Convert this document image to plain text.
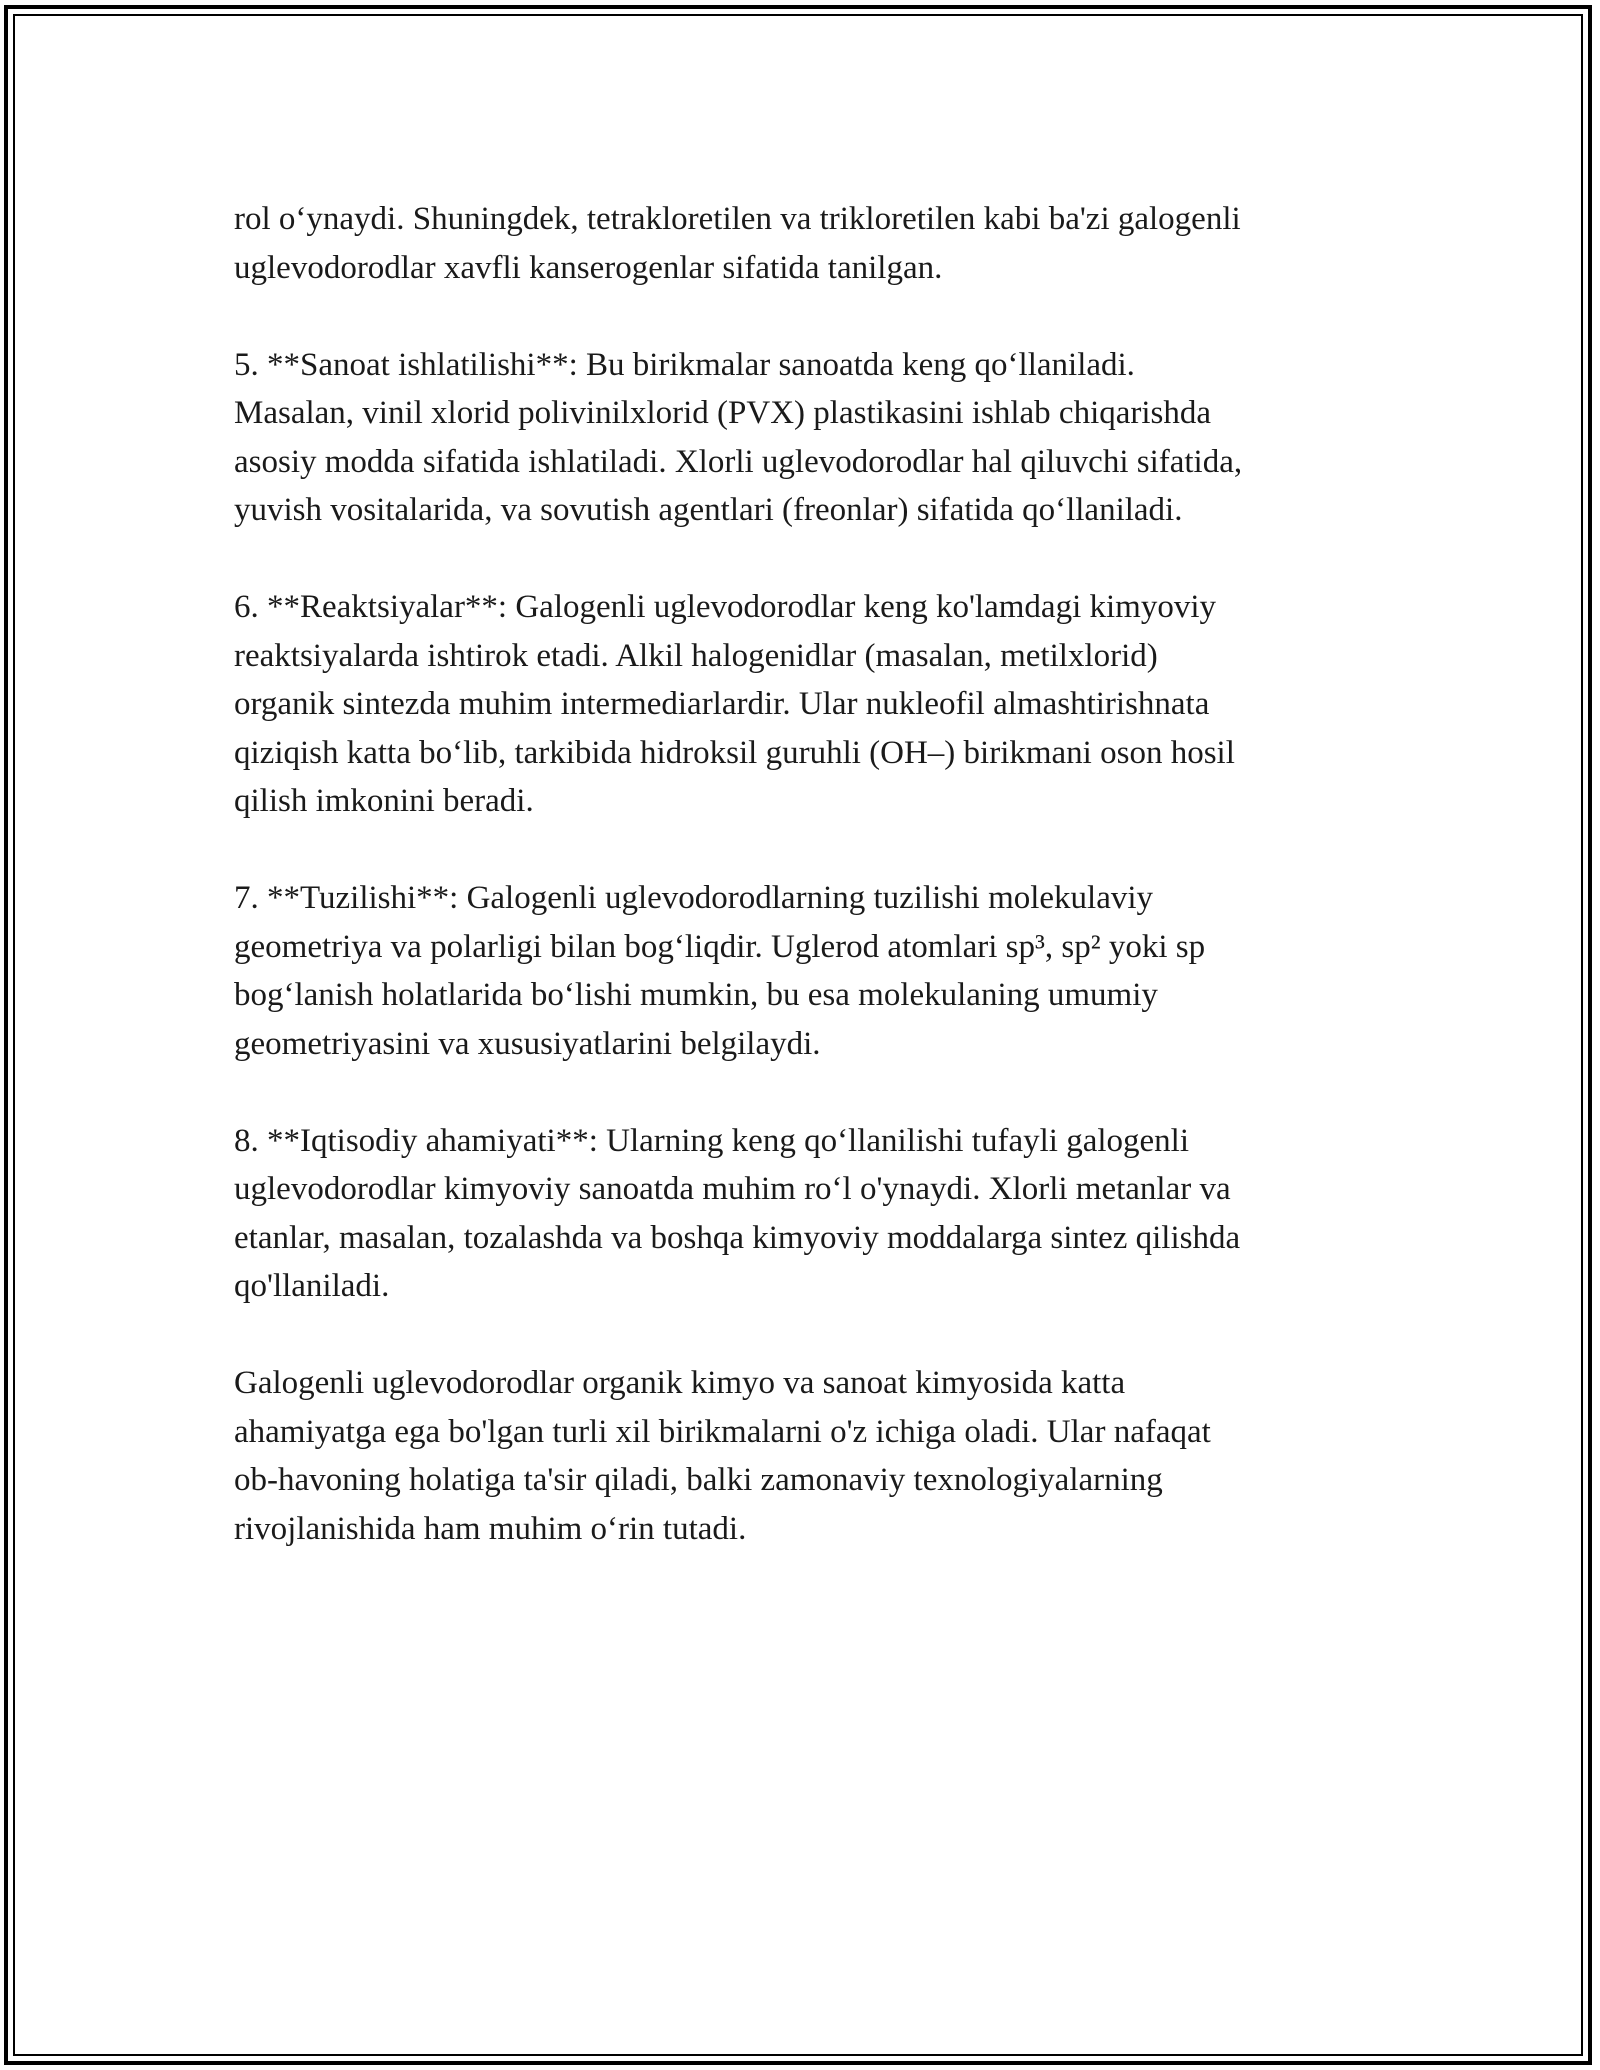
rol o‘ynaydi. Shuningdek, tetrakloretilen va trikloretilen kabi ba'zi galogenli
uglevodorodlar xavfli kanserogenlar sifatida tanilgan.

5. **Sanoat ishlatilishi**: Bu birikmalar sanoatda keng qo‘llaniladi.
Masalan, vinil xlorid polivinilxlorid (PVX) plastikasini ishlab chiqarishda
asosiy modda sifatida ishlatiladi. Xlorli uglevodorodlar hal qiluvchi sifatida,
yuvish vositalarida, va sovutish agentlari (freonlar) sifatida qo‘llaniladi.

6. **Reaktsiyalar**: Galogenli uglevodorodlar keng ko'lamdagi kimyoviy
reaktsiyalarda ishtirok etadi. Alkil halogenidlar (masalan, metilxlorid)
organik sintezda muhim intermediarlardir. Ular nukleofil almashtirishnata
qiziqish katta bo‘lib, tarkibida hidroksil guruhli (OH–) birikmani oson hosil
qilish imkonini beradi.

7. **Tuzilishi**: Galogenli uglevodorodlarning tuzilishi molekulaviy
geometriya va polarligi bilan bog‘liqdir. Uglerod atomlari sp³, sp² yoki sp
bog‘lanish holatlarida bo‘lishi mumkin, bu esa molekulaning umumiy
geometriyasini va xususiyatlarini belgilaydi.

8. **Iqtisodiy ahamiyati**: Ularning keng qo‘llanilishi tufayli galogenli
uglevodorodlar kimyoviy sanoatda muhim ro‘l o'ynaydi. Xlorli metanlar va
etanlar, masalan, tozalashda va boshqa kimyoviy moddalarga sintez qilishda
qo'llaniladi.

Galogenli uglevodorodlar organik kimyo va sanoat kimyosida katta
ahamiyatga ega bo'lgan turli xil birikmalarni o'z ichiga oladi. Ular nafaqat
ob-havoning holatiga ta'sir qiladi, balki zamonaviy texnologiyalarning
rivojlanishida ham muhim o‘rin tutadi.
